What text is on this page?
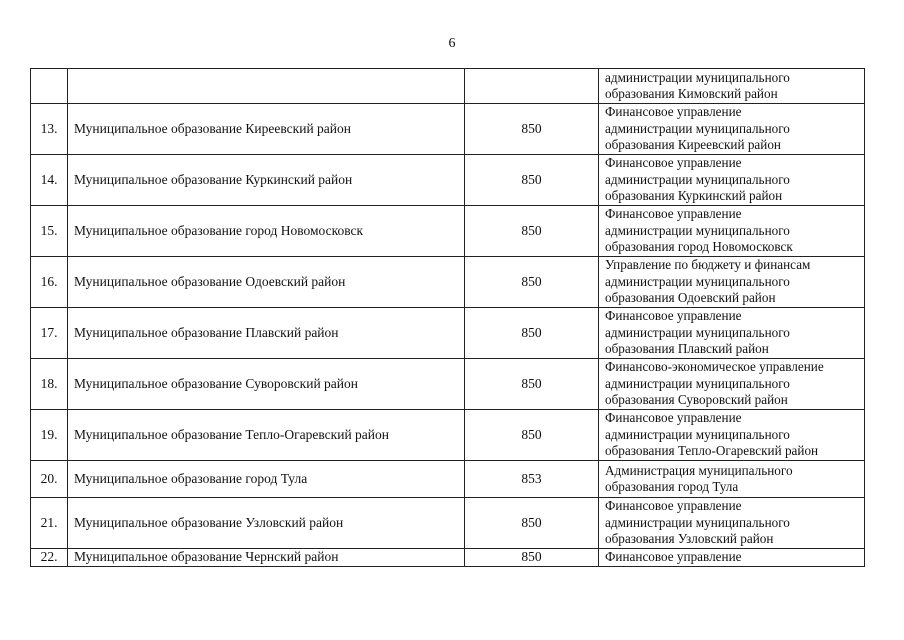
6

			администрации муниципального
образования Кимовский район

13.	Муниципальное образование Киреевский район	850	Финансовое управление
администрации муниципального
образования Киреевский район

14.	Муниципальное образование Куркинский район	850	Финансовое управление
администрации муниципального
образования Куркинский район

15.	Муниципальное образование город Новомосковск	850	Финансовое управление
администрации муниципального
образования город Новомосковск

16.	Муниципальное образование Одоевский район	850	Управление по бюджету и финансам
администрации муниципального
образования Одоевский район

17.	Муниципальное образование Плавский район	850	Финансовое управление
администрации муниципального
образования Плавский район

18.	Муниципальное образование Суворовский район	850	Финансово-экономическое управление
администрации муниципального
образования Суворовский район

19.	Муниципальное образование Тепло-Огаревский район	850	Финансовое управление
администрации муниципального
образования Тепло-Огаревский район

20.	Муниципальное образование город Тула	853	Администрация муниципального
образования город Тула

21.	Муниципальное образование Узловский район	850	Финансовое управление
администрации муниципального
образования Узловский район

22.	Муниципальное образование Чернский район	850	Финансовое управление
